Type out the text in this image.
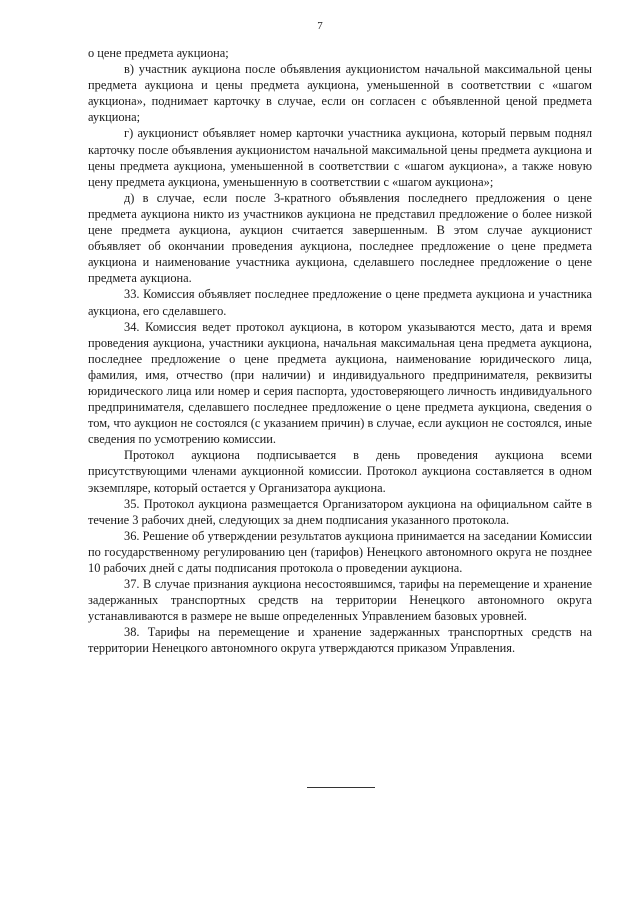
7

о цене предмета аукциона;

в) участник аукциона после объявления аукционистом начальной максимальной цены предмета аукциона и цены предмета аукциона, уменьшенной в соответствии с «шагом аукциона», поднимает карточку в случае, если он согласен с объявленной ценой предмета аукциона;

г) аукционист объявляет номер карточки участника аукциона, который первым поднял карточку после объявления аукционистом начальной максимальной цены предмета аукциона и цены предмета аукциона, уменьшенной в соответствии с «шагом аукциона», а также новую цену предмета аукциона, уменьшенную в соответствии с «шагом аукциона»;

д) в случае, если после 3-кратного объявления последнего предложения о цене предмета аукциона никто из участников аукциона не представил предложение о более низкой цене предмета аукциона, аукцион считается завершенным. В этом случае аукционист объявляет об окончании проведения аукциона, последнее предложение о цене предмета аукциона и наименование участника аукциона, сделавшего последнее предложение о цене предмета аукциона.

33. Комиссия объявляет последнее предложение о цене предмета аукциона и участника аукциона, его сделавшего.

34. Комиссия ведет протокол аукциона, в котором указываются место, дата и время проведения аукциона, участники аукциона, начальная максимальная цена предмета аукциона, последнее предложение о цене предмета аукциона, наименование юридического лица, фамилия, имя, отчество (при наличии) и индивидуального предпринимателя, реквизиты юридического лица или номер и серия паспорта, удостоверяющего личность индивидуального предпринимателя, сделавшего последнее предложение о цене предмета аукциона, сведения о том, что аукцион не состоялся (с указанием причин) в случае, если аукцион не состоялся, иные сведения по усмотрению комиссии.

Протокол аукциона подписывается в день проведения аукциона всеми присутствующими членами аукционной комиссии. Протокол аукциона составляется в одном экземпляре, который остается у Организатора аукциона.

35. Протокол аукциона размещается Организатором аукциона на официальном сайте в течение 3 рабочих дней, следующих за днем подписания указанного протокола.

36. Решение об утверждении результатов аукциона принимается на заседании Комиссии по государственному регулированию цен (тарифов) Ненецкого автономного округа не позднее 10 рабочих дней с даты подписания протокола о проведении аукциона.

37. В случае признания аукциона несостоявшимся, тарифы на перемещение и хранение задержанных транспортных средств на территории Ненецкого автономного округа устанавливаются в размере не выше определенных Управлением базовых уровней.

38. Тарифы на перемещение и хранение задержанных транспортных средств на территории Ненецкого автономного округа утверждаются приказом Управления.
